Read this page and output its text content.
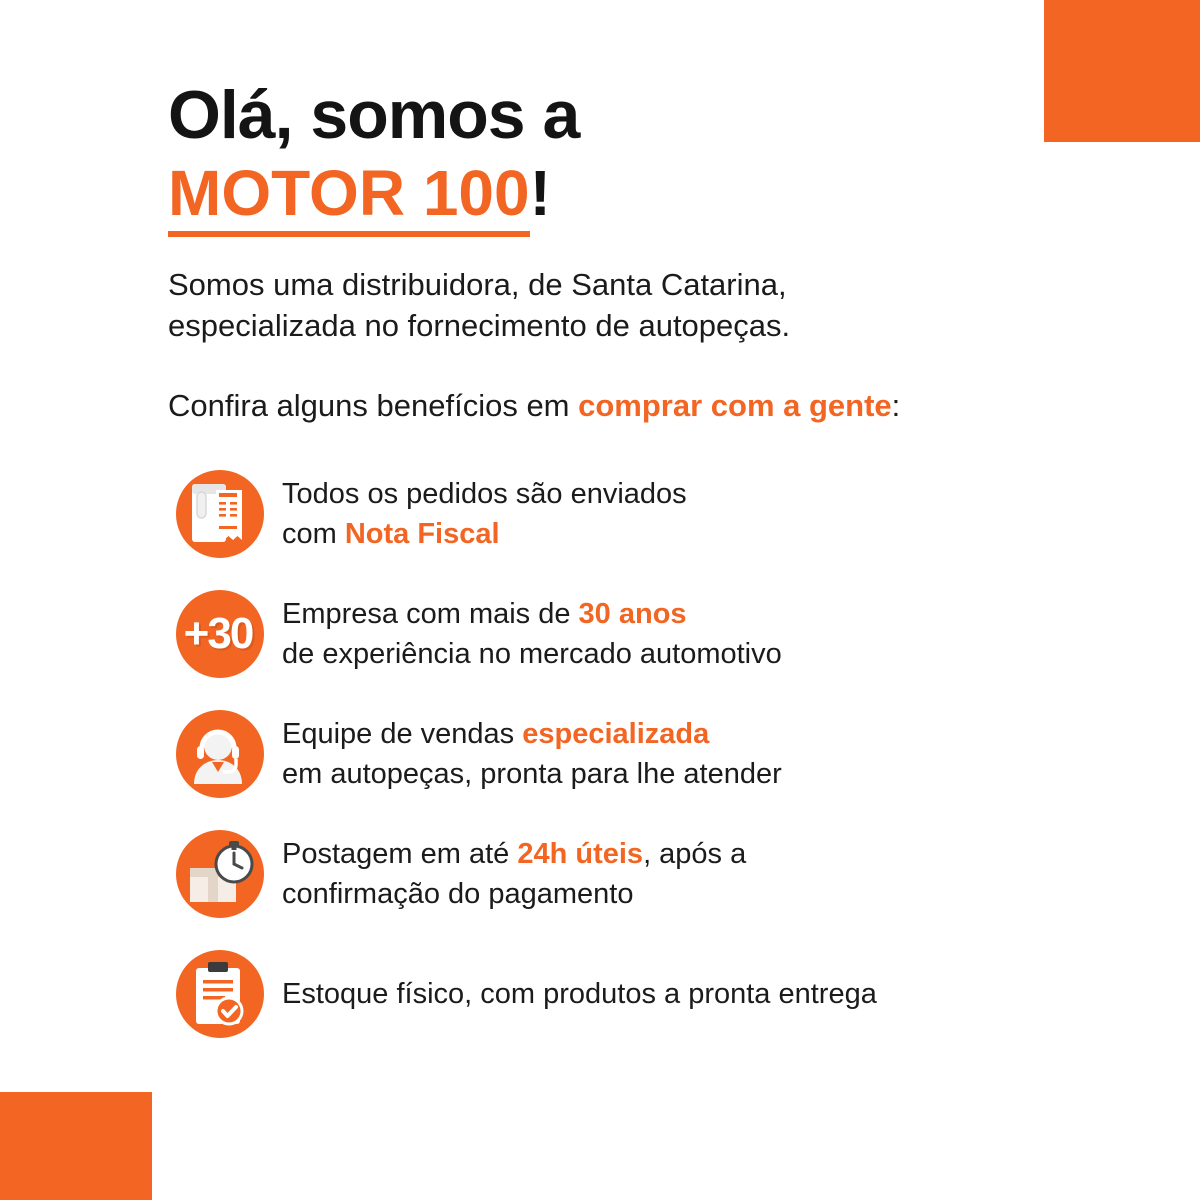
Olá, somos a
MOTOR 100!

Somos uma distribuidora, de Santa Catarina,
especializada no fornecimento de autopeças.

Confira alguns benefícios em comprar com a gente:

Todos os pedidos são enviados
com Nota Fiscal
+30	Empresa com mais de 30 anos
de experiência no mercado automotivo
Equipe de vendas especializada
em autopeças, pronta para lhe atender
Postagem em até 24h úteis, após a
confirmação do pagamento
Estoque físico, com produtos a pronta entrega
